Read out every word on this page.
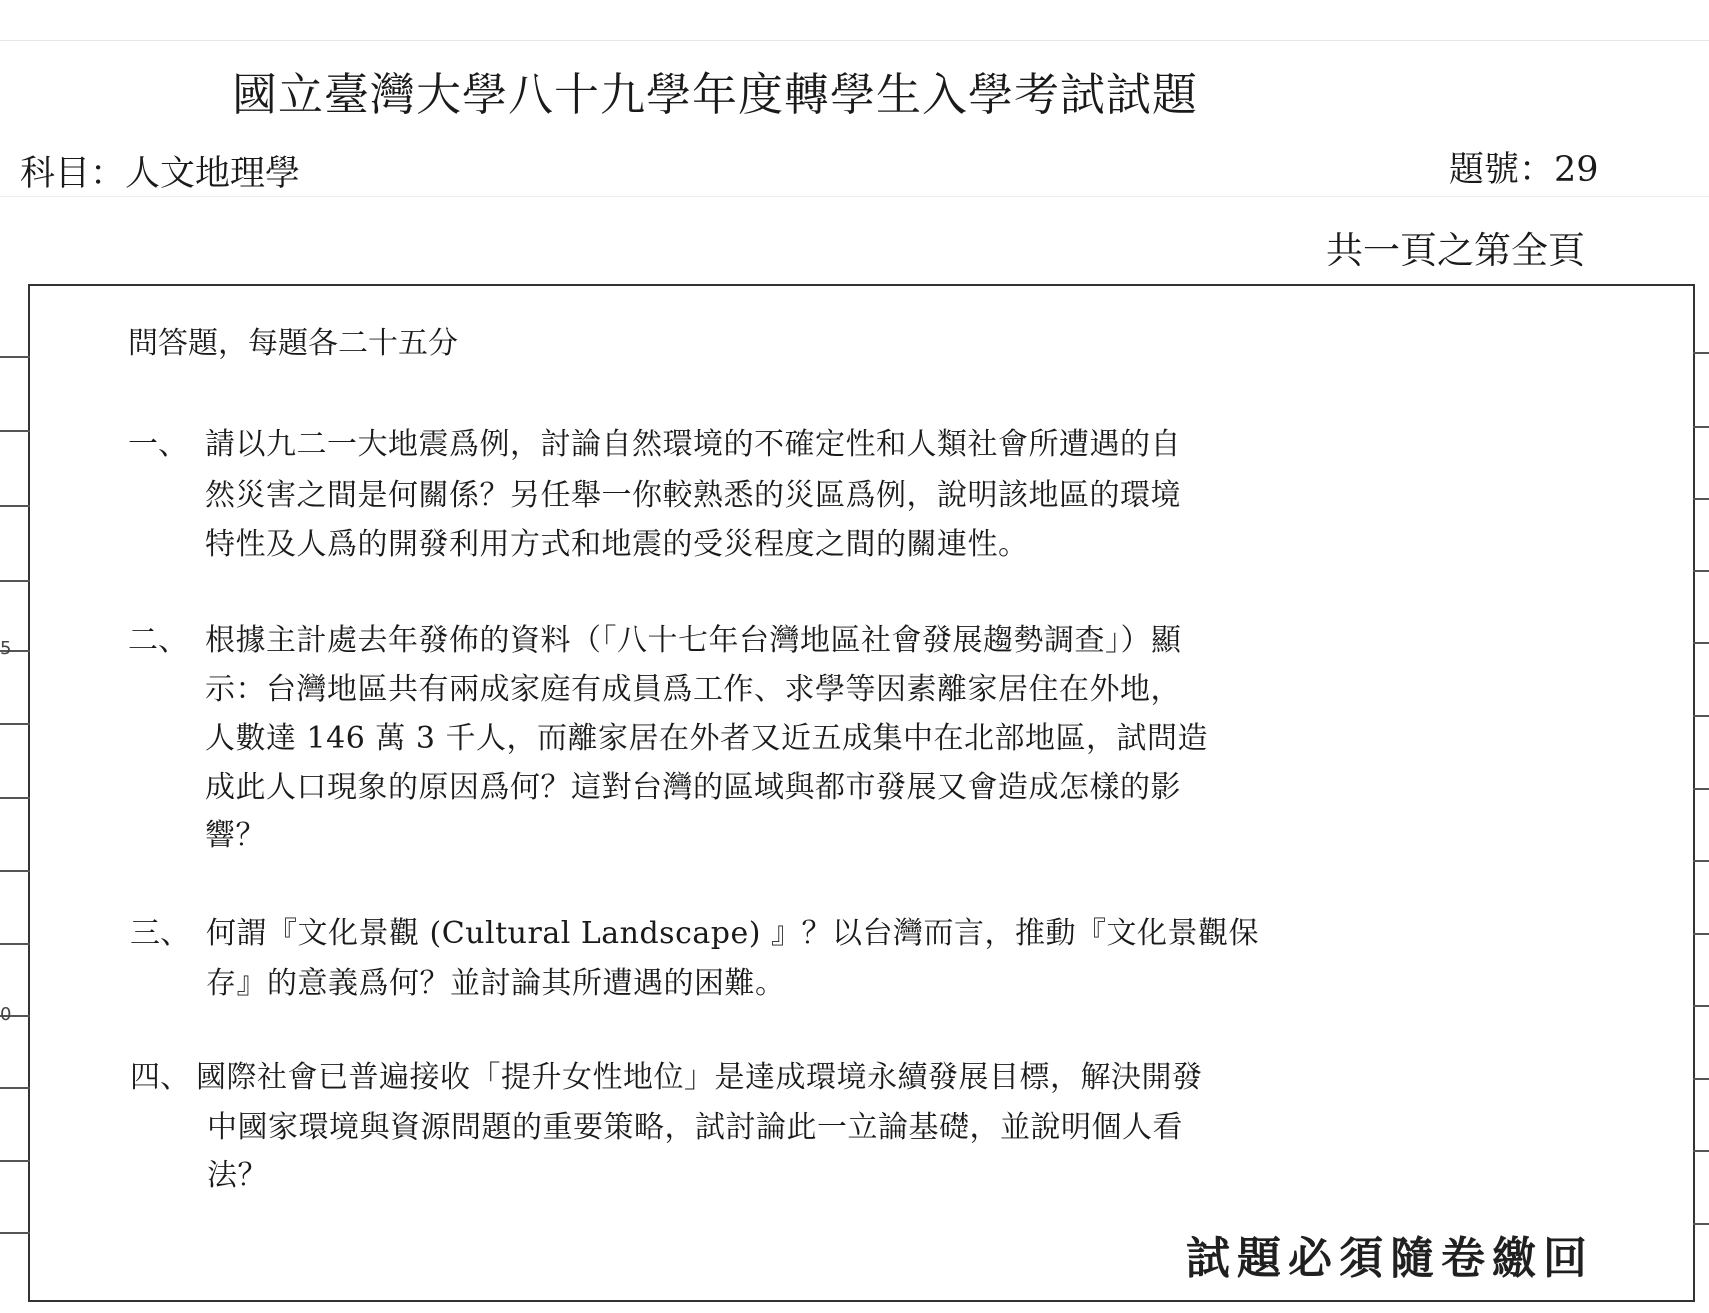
國立臺灣大學八十九學年度轉學生入學考試試題
科目：人文地理學	題號：29
共一頁之第全頁
5
0
問答題，每題各二十五分
一、 請以九二一大地震爲例，討論自然環境的不確定性和人類社會所遭遇的自
然災害之間是何關係？另任舉一你較熟悉的災區爲例，說明該地區的環境
特性及人爲的開發利用方式和地震的受災程度之間的關連性。
二、 根據主計處去年發佈的資料（「八十七年台灣地區社會發展趨勢調查」）顯
示：台灣地區共有兩成家庭有成員爲工作、求學等因素離家居住在外地，
人數達 146 萬 3 千人，而離家居在外者又近五成集中在北部地區，試問造
成此人口現象的原因爲何？這對台灣的區域與都市發展又會造成怎樣的影
響？
三、 何謂『文化景觀 (Cultural Landscape) 』？以台灣而言，推動『文化景觀保
存』的意義爲何？並討論其所遭遇的困難。
四、 國際社會已普遍接收「提升女性地位」是達成環境永續發展目標，解決開發
中國家環境與資源問題的重要策略，試討論此一立論基礎，並說明個人看
法？
試題必須隨卷繳回
